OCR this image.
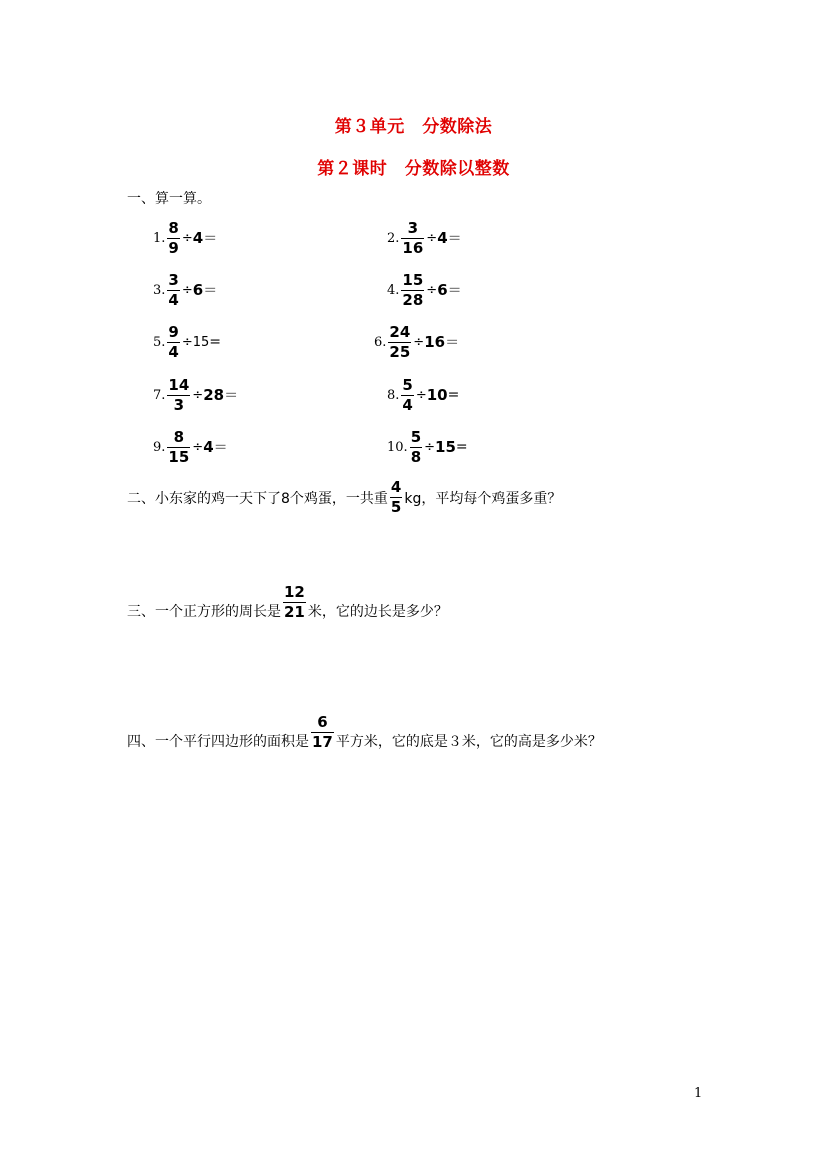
第３单元　分数除法
第２课时　分数除以整数
一、算一算。
1. $\frac{8}{9} \div 4$ ＝	2. $\frac{3}{16} \div 4$ ＝
3. $\frac{3}{4} \div 6$ ＝	4. $\frac{15}{28} \div 6$ ＝
5. $\frac{9}{4} \div 15$ =	6. $\frac{24}{25} \div 16$ ＝
7. $\frac{14}{3} \div 28$ ＝	8. $\frac{5}{4} \div 10$ =
9. $\frac{8}{15} \div 4$ ＝	10. $\frac{5}{8} \div 15$ =
二、小东家的鸡一天下了8个鸡蛋，一共重 $\frac{4}{5}$ kg，平均每个鸡蛋多重？
三、一个正方形的周长是 $\frac{12}{21}$ 米，它的边长是多少？
四、一个平行四边形的面积是 $\frac{6}{17}$ 平方米，它的底是３米，它的高是多少米？
1
